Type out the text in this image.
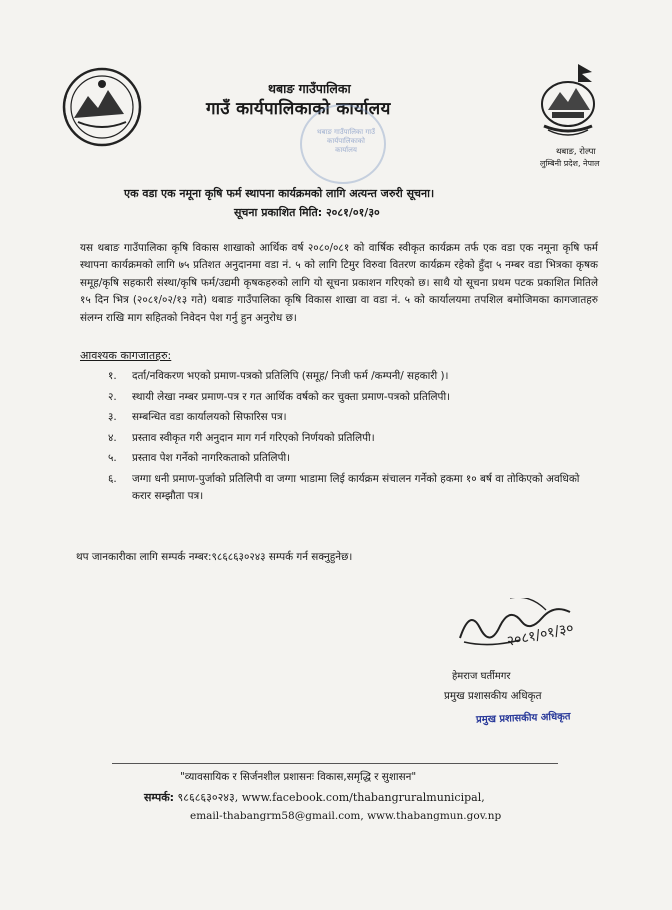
थबाङ गाउँपालिका
गाउँ कार्यपालिकाको कार्यालय
थबाङ, रोल्पा
लुम्बिनी प्रदेश, नेपाल
थबाङ गाउँपालिका गाउँ कार्यपालिकाको कार्यालय
एक वडा एक नमूना कृषि फर्म स्थापना कार्यक्रमको लागि अत्यन्त जरुरी सूचना।
सूचना प्रकाशित मिति: २०८१/०१/३०
यस थबाङ गाउँपालिका कृषि विकास शाखाको आर्थिक वर्ष २०८०/०८१ को वार्षिक स्वीकृत कार्यक्रम तर्फ एक वडा एक नमूना कृषि फर्म स्थापना कार्यक्रमको लागि ७५ प्रतिशत अनुदानमा वडा नं. ५ को लागि टिमुर विरुवा वितरण कार्यक्रम रहेको हुँदा ५ नम्बर वडा भित्रका कृषक समूह/कृषि सहकारी संस्था/कृषि फर्म/उद्यमी कृषकहरुको लागि यो सूचना प्रकाशन गरिएको छ। साथै यो सूचना प्रथम पटक प्रकाशित मितिले १५ दिन भित्र (२०८१/०२/१३ गते) थबाङ गाउँपालिका कृषि विकास शाखा वा वडा नं. ५ को कार्यालयमा तपशिल बमोजिमका कागजातहरु संलग्न राखि माग सहितको निवेदन पेश गर्नु हुन अनुरोध छ।
आवश्यक कागजातहरु:
१. दर्ता/नविकरण भएको प्रमाण-पत्रको प्रतिलिपि (समूह/ निजी फर्म /कम्पनी/ सहकारी )।
२. स्थायी लेखा नम्बर प्रमाण-पत्र र गत आर्थिक वर्षको कर चुक्ता प्रमाण-पत्रको प्रतिलिपी।
३. सम्बन्धित वडा कार्यालयको सिफारिस पत्र।
४. प्रस्ताव स्वीकृत गरी अनुदान माग गर्न गरिएको निर्णयको प्रतिलिपी।
५. प्रस्ताव पेश गर्नेको नागरिकताको प्रतिलिपी।
६. जग्गा धनी प्रमाण-पुर्जाको प्रतिलिपी वा जग्गा भाडामा लिई कार्यक्रम संचालन गर्नेको हकमा १० बर्ष वा तोकिएको अवधिको करार सम्झौता पत्र।
थप जानकारीका लागि सम्पर्क नम्बर:९८६८६३०२४३ सम्पर्क गर्न सक्नुहुनेछ।
२०८१/०१/३०
हेमराज घर्तीमगर
प्रमुख प्रशासकीय अधिकृत
प्रमुख प्रशासकीय अधिकृत
"व्यावसायिक र सिर्जनशील प्रशासनः विकास,समृद्धि र सुशासन"
सम्पर्क: ९८६८६३०२४३, www.facebook.com/thabangruralmunicipal,
email-thabangrm58@gmail.com, www.thabangmun.gov.np
